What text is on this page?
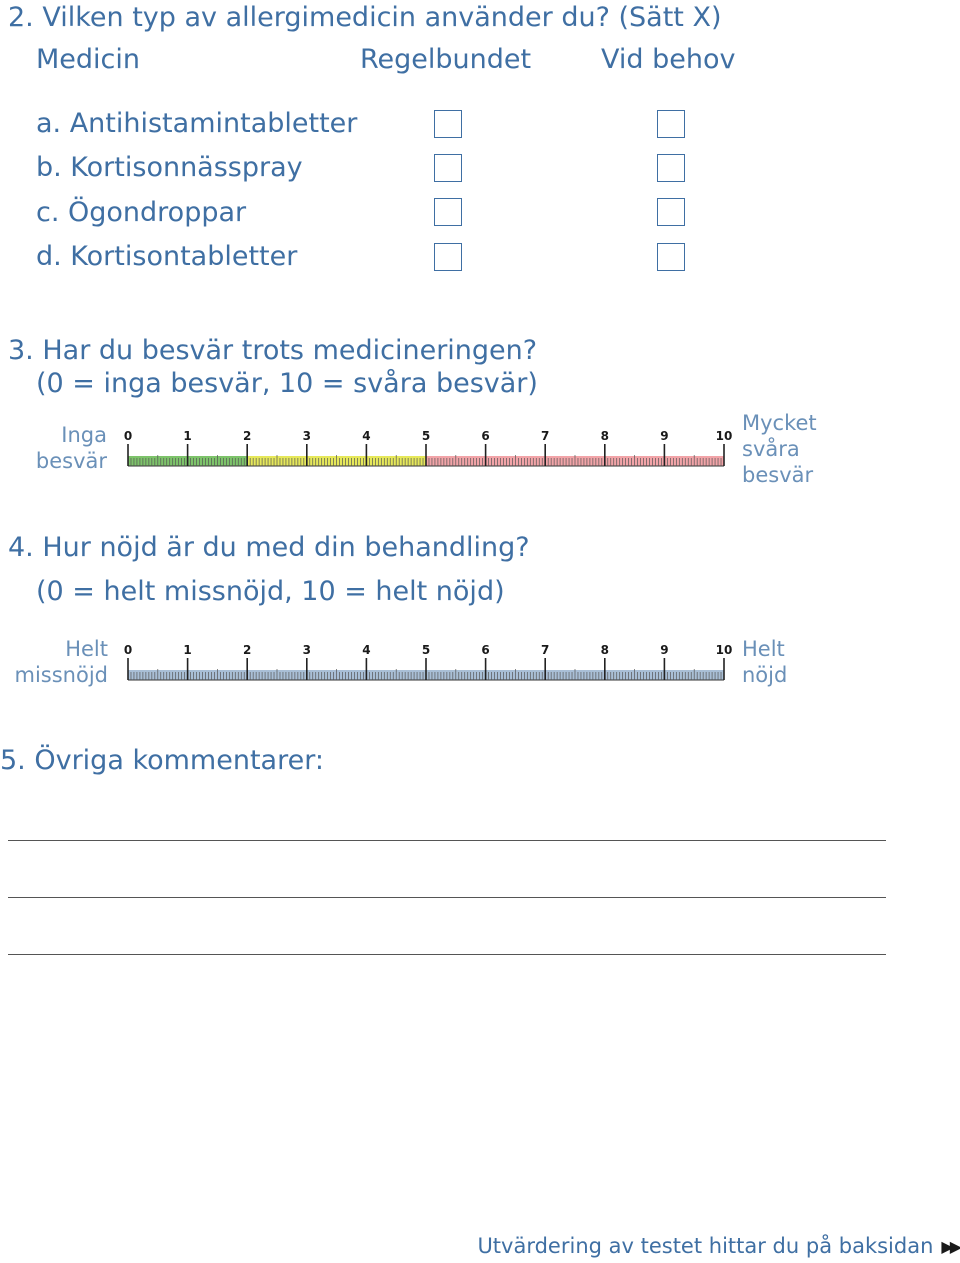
2. Vilken typ av allergimedicin använder du? (Sätt X)
Medicin	Regelbundet	Vid behov
a. Antihistamintabletter
b. Kortisonnässpray
c. Ögondroppar
d. Kortisontabletter
3. Har du besvär trots medicineringen?
(0 = inga besvär, 10 = svåra besvär)
Inga besvär
0	1	2	3	4	5	6	7	8	9	10
Mycket svåra besvär
4. Hur nöjd är du med din behandling?
(0 = helt missnöjd, 10 = helt nöjd)
Helt missnöjd
0	1	2	3	4	5	6	7	8	9	10 Helt nöjd
5. Övriga kommentarer:
Utvärdering av testet hittar du på baksidan ▶▶
